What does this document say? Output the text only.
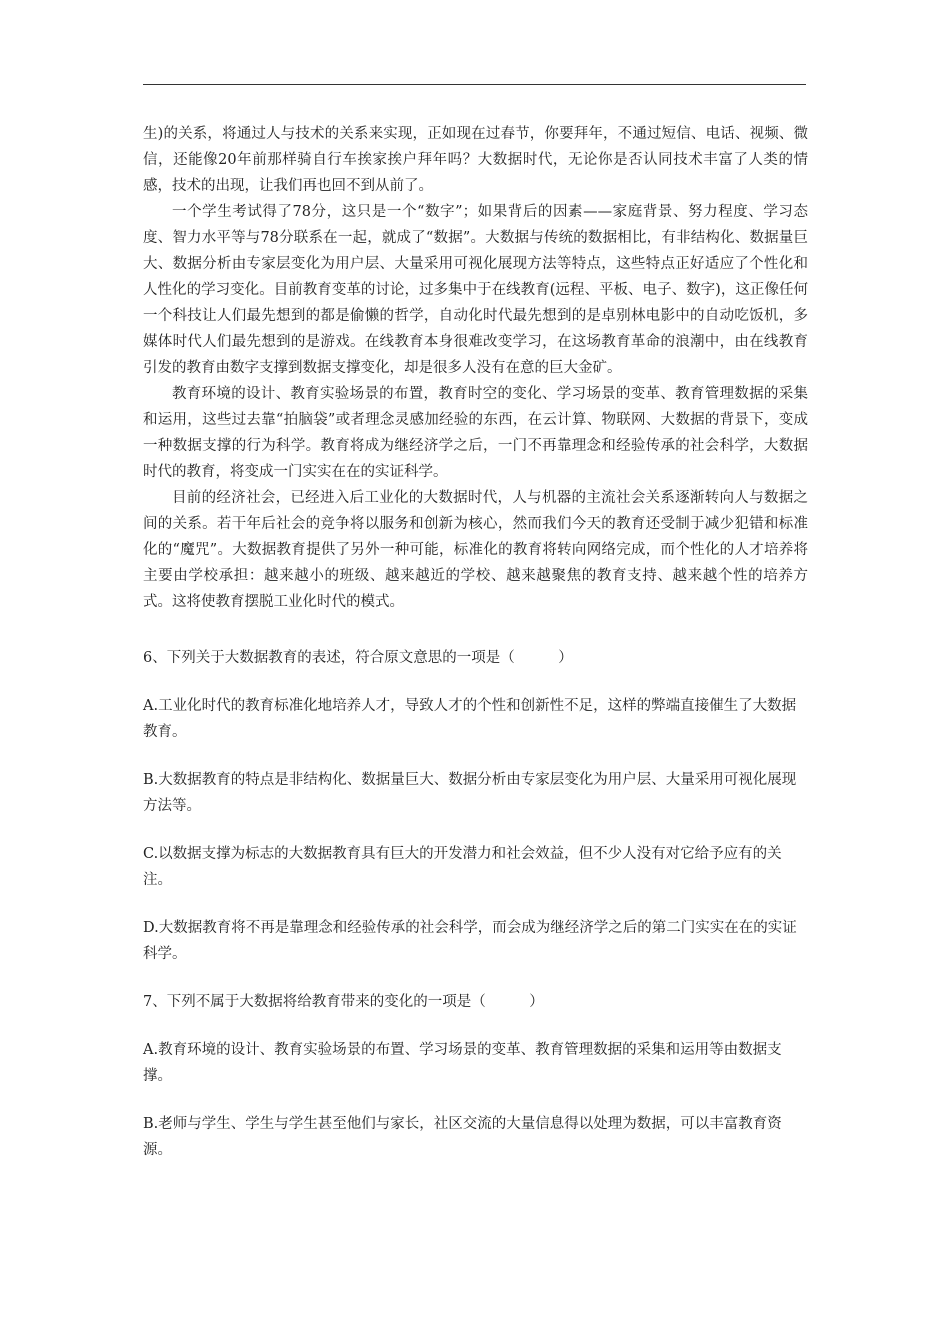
生)的关系，将通过人与技术的关系来实现，正如现在过春节，你要拜年，不通过短信、电话、视频、微信，还能像20年前那样骑自行车挨家挨户拜年吗？大数据时代，无论你是否认同技术丰富了人类的情感，技术的出现，让我们再也回不到从前了。

一个学生考试得了78分，这只是一个“数字”；如果背后的因素——家庭背景、努力程度、学习态度、智力水平等与78分联系在一起，就成了“数据”。大数据与传统的数据相比，有非结构化、数据量巨大、数据分析由专家层变化为用户层、大量采用可视化展现方法等特点，这些特点正好适应了个性化和人性化的学习变化。目前教育变革的讨论，过多集中于在线教育(远程、平板、电子、数字)，这正像任何一个科技让人们最先想到的都是偷懒的哲学，自动化时代最先想到的是卓别林电影中的自动吃饭机，多媒体时代人们最先想到的是游戏。在线教育本身很难改变学习，在这场教育革命的浪潮中，由在线教育引发的教育由数字支撑到数据支撑变化，却是很多人没有在意的巨大金矿。

教育环境的设计、教育实验场景的布置，教育时空的变化、学习场景的变革、教育管理数据的采集和运用，这些过去靠“拍脑袋”或者理念灵感加经验的东西，在云计算、物联网、大数据的背景下，变成一种数据支撑的行为科学。教育将成为继经济学之后，一门不再靠理念和经验传承的社会科学，大数据时代的教育，将变成一门实实在在的实证科学。

目前的经济社会，已经进入后工业化的大数据时代，人与机器的主流社会关系逐渐转向人与数据之间的关系。若干年后社会的竞争将以服务和创新为核心，然而我们今天的教育还受制于减少犯错和标准化的“魔咒”。大数据教育提供了另外一种可能，标准化的教育将转向网络完成，而个性化的人才培养将主要由学校承担：越来越小的班级、越来越近的学校、越来越聚焦的教育支持、越来越个性的培养方式。这将使教育摆脱工业化时代的模式。

6、下列关于大数据教育的表述，符合原文意思的一项是（　　　）

A.工业化时代的教育标准化地培养人才，导致人才的个性和创新性不足，这样的弊端直接催生了大数据教育。

B.大数据教育的特点是非结构化、数据量巨大、数据分析由专家层变化为用户层、大量采用可视化展现方法等。

C.以数据支撑为标志的大数据教育具有巨大的开发潜力和社会效益，但不少人没有对它给予应有的关注。

D.大数据教育将不再是靠理念和经验传承的社会科学，而会成为继经济学之后的第二门实实在在的实证科学。

7、下列不属于大数据将给教育带来的变化的一项是（　　　）

A.教育环境的设计、教育实验场景的布置、学习场景的变革、教育管理数据的采集和运用等由数据支撑。

B.老师与学生、学生与学生甚至他们与家长，社区交流的大量信息得以处理为数据，可以丰富教育资源。
